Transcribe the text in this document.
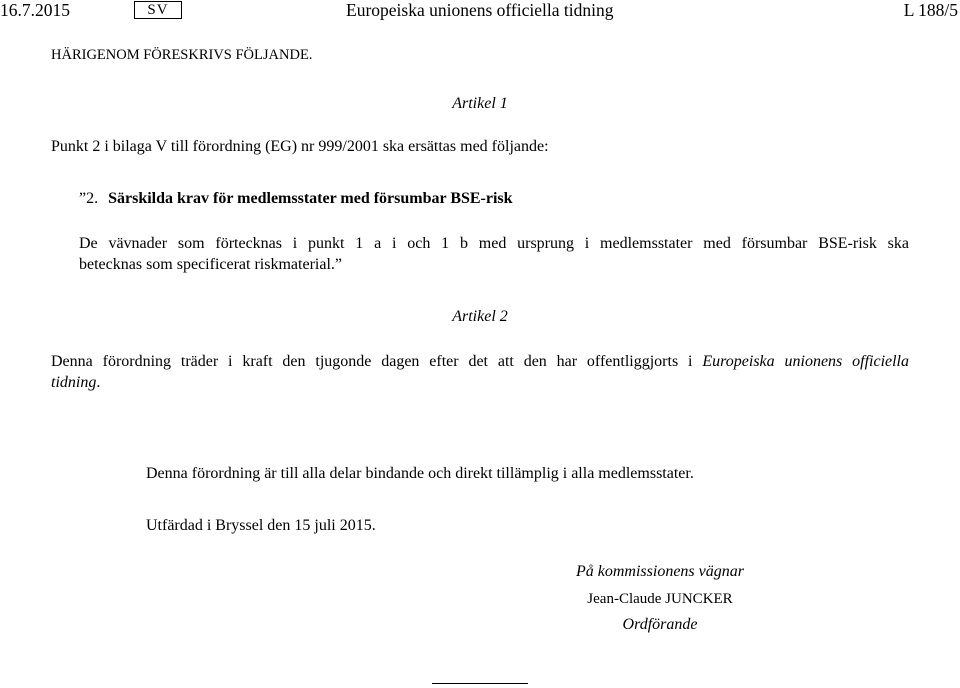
16.7.2015	SV	Europeiska unionens officiella tidning	L 188/5
HÄRIGENOM FÖRESKRIVS FÖLJANDE.
Artikel 1
Punkt 2 i bilaga V till förordning (EG) nr 999/2001 ska ersättas med följande:
”2. Särskilda krav för medlemsstater med försumbar BSE-risk
De vävnader som förtecknas i punkt 1 a i och 1 b med ursprung i medlemsstater med försumbar BSE-risk ska
betecknas som specificerat riskmaterial.”
Artikel 2
Denna förordning träder i kraft den tjugonde dagen efter det att den har offentliggjorts i Europeiska unionens officiella
tidning.
Denna förordning är till alla delar bindande och direkt tillämplig i alla medlemsstater.
Utfärdad i Bryssel den 15 juli 2015.
På kommissionens vägnar
Jean-Claude JUNCKER
Ordförande
